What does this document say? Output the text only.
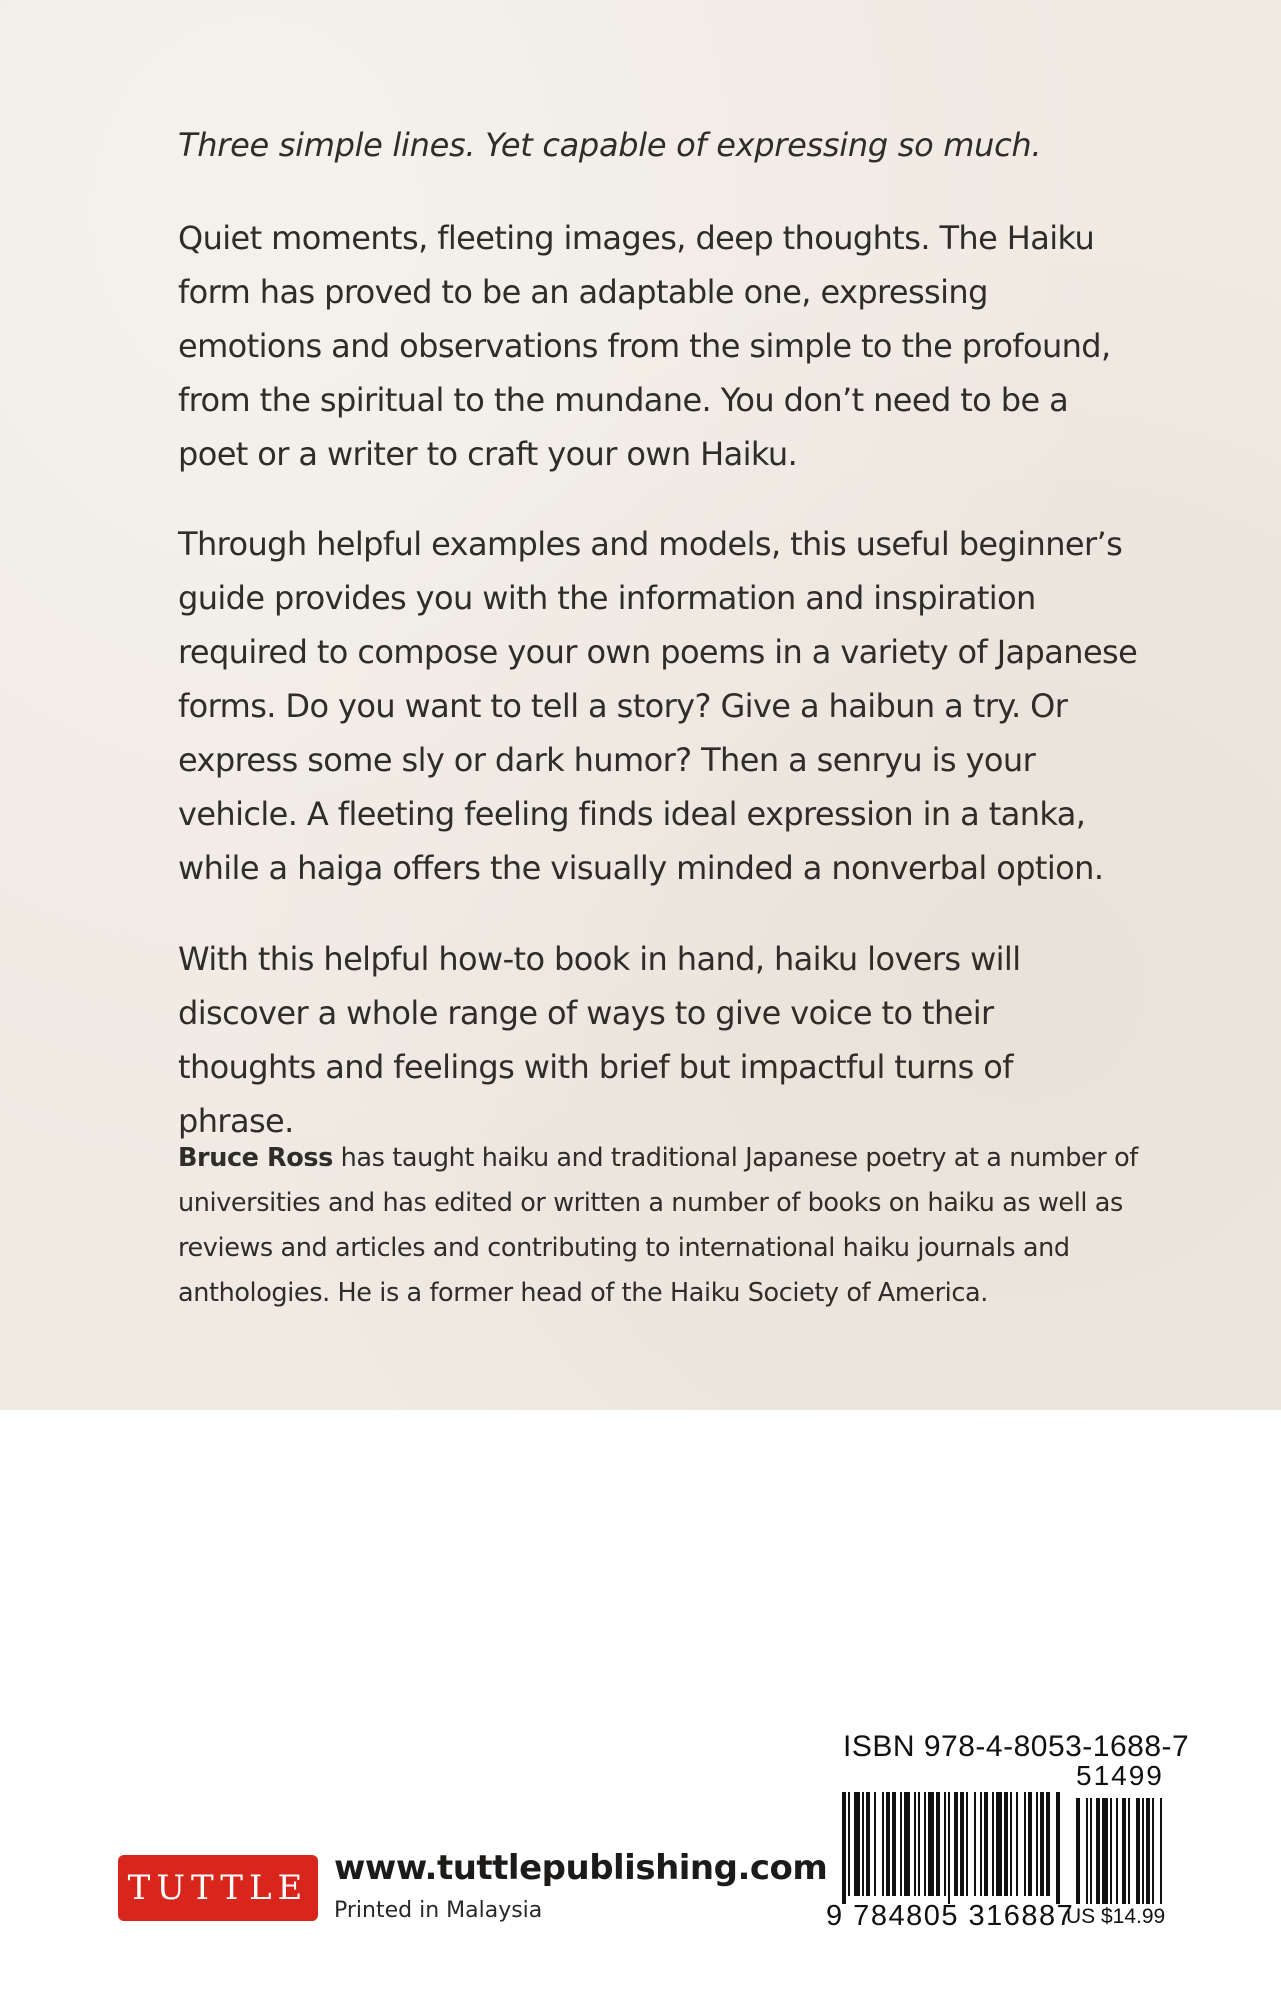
Three simple lines. Yet capable of expressing so much.

Quiet moments, fleeting images, deep thoughts. The Haiku form has proved to be an adaptable one, expressing emotions and observations from the simple to the profound, from the spiritual to the mundane. You don’t need to be a poet or a writer to craft your own Haiku.

Through helpful examples and models, this useful beginner’s guide provides you with the information and inspiration required to compose your own poems in a variety of Japanese forms. Do you want to tell a story? Give a haibun a try. Or express some sly or dark humor? Then a senryu is your vehicle. A fleeting feeling finds ideal expression in a tanka, while a haiga offers the visually minded a nonverbal option.

With this helpful how-to book in hand, haiku lovers will discover a whole range of ways to give voice to their thoughts and feelings with brief but impactful turns of phrase.

Bruce Ross has taught haiku and traditional Japanese poetry at a number of universities and has edited or written a number of books on haiku as well as reviews and articles and contributing to international haiku journals and anthologies. He is a former head of the Haiku Society of America.

TUTTLE www.tuttlepublishing.com

Printed in Malaysia

ISBN 978-4-8053-1688-7

51499

9 784805 316887

US $14.99
